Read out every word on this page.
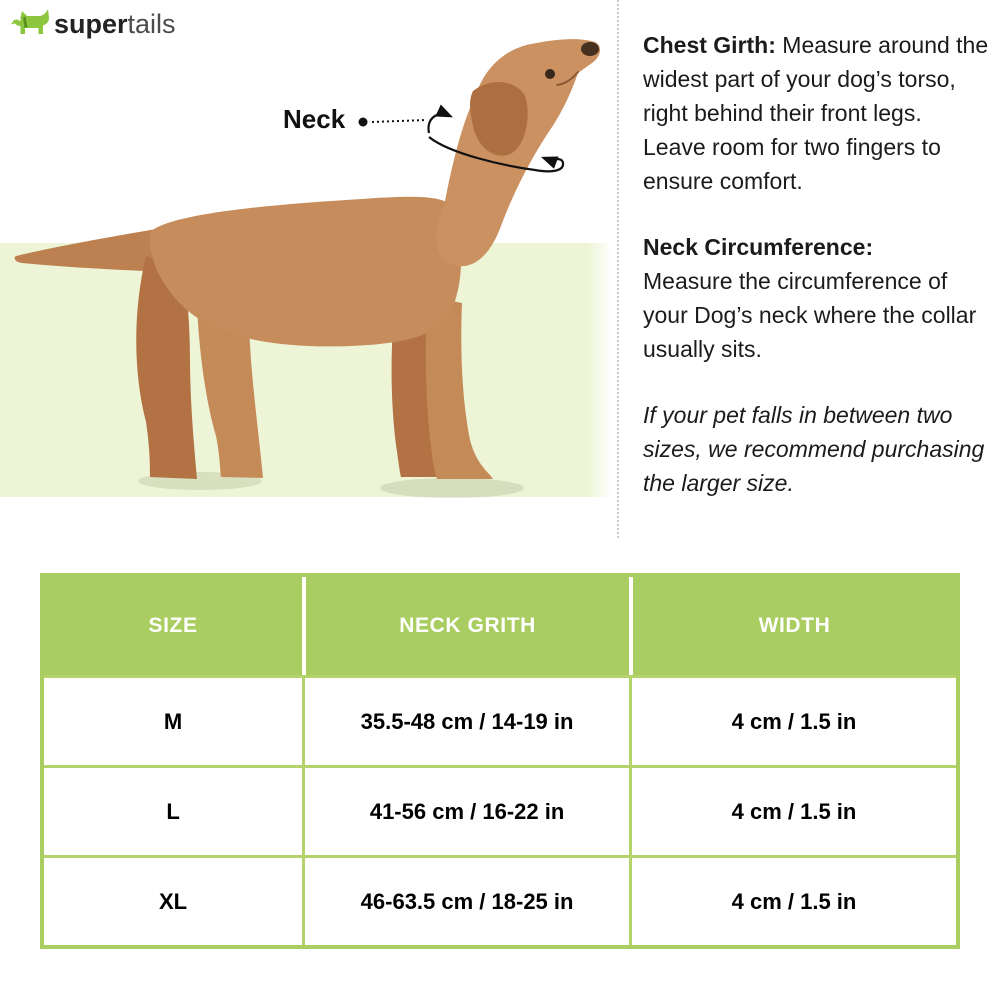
Neck

Chest Girth: Measure around the widest part of your dog’s torso, right behind their front legs. Leave room for two fingers to ensure comfort.

Neck Circumference:
Measure the circumference of your Dog’s neck where the collar usually sits.

If your pet falls in between two sizes, we recommend purchasing the larger size.

supertails
SIZE	NECK GRITH	WIDTH
M	35.5-48 cm / 14-19 in	4 cm / 1.5 in
L	41-56 cm / 16-22 in	4 cm / 1.5 in
XL	46-63.5 cm / 18-25 in	4 cm / 1.5 in
